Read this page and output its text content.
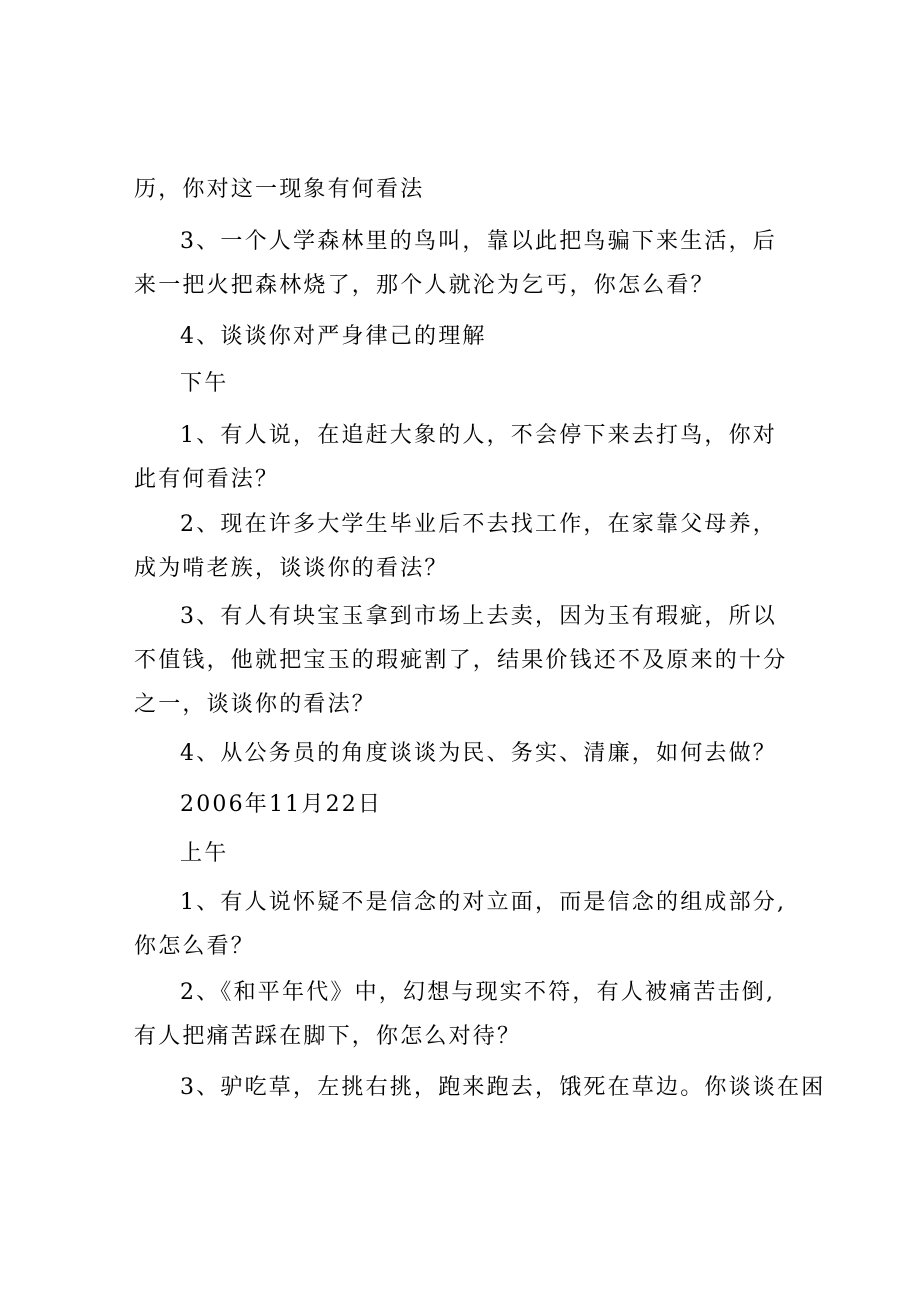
历，你对这一现象有何看法

3、一个人学森林里的鸟叫，靠以此把鸟骗下来生活，后来一把火把森林烧了，那个人就沦为乞丐，你怎么看？

4、谈谈你对严身律己的理解

下午

1、有人说，在追赶大象的人，不会停下来去打鸟，你对此有何看法？

2、现在许多大学生毕业后不去找工作，在家靠父母养，成为啃老族，谈谈你的看法？

3、有人有块宝玉拿到市场上去卖，因为玉有瑕疵，所以不值钱，他就把宝玉的瑕疵割了，结果价钱还不及原来的十分之一，谈谈你的看法？

4、从公务员的角度谈谈为民、务实、清廉，如何去做？

2006年11月22日

上午

1、有人说怀疑不是信念的对立面，而是信念的组成部分,你怎么看？

2、《和平年代》中，幻想与现实不符，有人被痛苦击倒,有人把痛苦踩在脚下，你怎么对待？

3、驴吃草，左挑右挑，跑来跑去，饿死在草边。你谈谈在困
